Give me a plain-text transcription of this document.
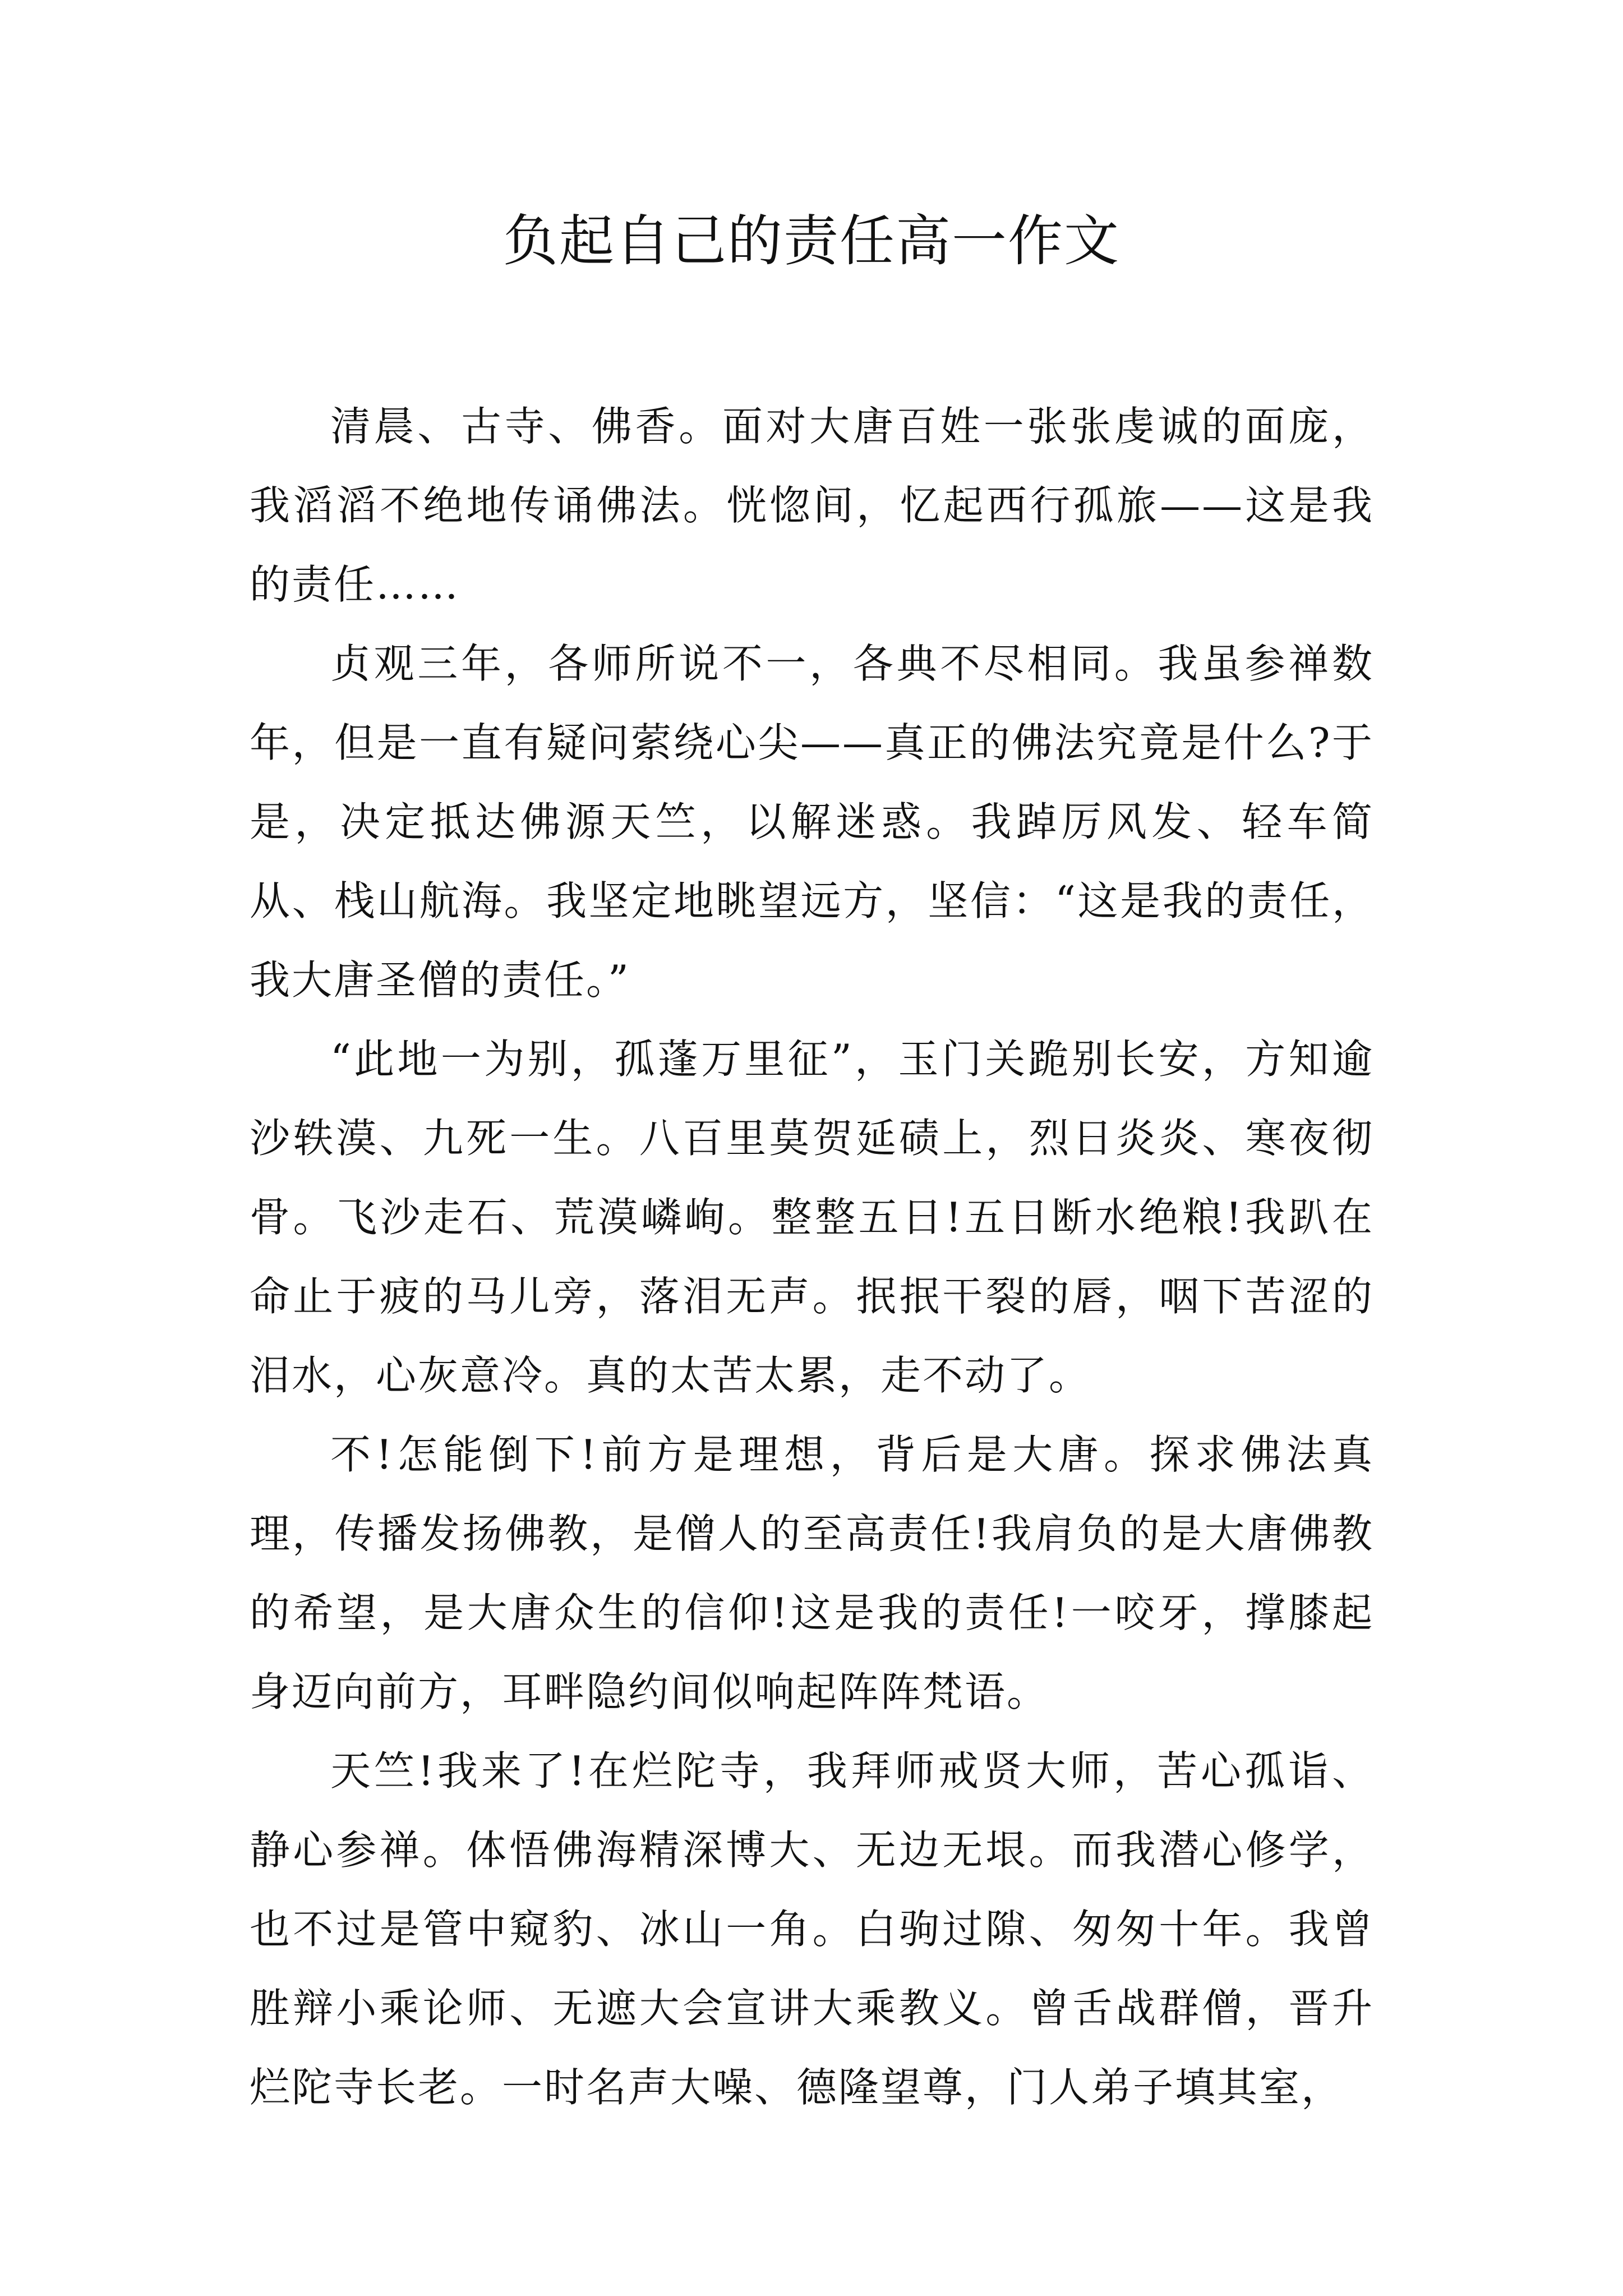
负起自己的责任高一作文

清晨、古寺、佛香。面对大唐百姓一张张虔诚的面庞，我滔滔不绝地传诵佛法。恍惚间，忆起西行孤旅——这是我的责任……

贞观三年，各师所说不一，各典不尽相同。我虽参禅数年，但是一直有疑问萦绕心尖——真正的佛法究竟是什么?于是，决定抵达佛源天竺，以解迷惑。我踔厉风发、轻车简从、栈山航海。我坚定地眺望远方，坚信：“这是我的责任，我大唐圣僧的责任。”

“此地一为别，孤蓬万里征”，玉门关跪别长安，方知逾沙轶漠、九死一生。八百里莫贺延碛上，烈日炎炎、寒夜彻骨。飞沙走石、荒漠嶙峋。整整五日!五日断水绝粮!我趴在命止于疲的马儿旁，落泪无声。抿抿干裂的唇，咽下苦涩的泪水，心灰意冷。真的太苦太累，走不动了。

不!怎能倒下!前方是理想，背后是大唐。探求佛法真理，传播发扬佛教，是僧人的至高责任!我肩负的是大唐佛教的希望，是大唐众生的信仰!这是我的责任!一咬牙，撑膝起身迈向前方，耳畔隐约间似响起阵阵梵语。

天竺!我来了!在烂陀寺，我拜师戒贤大师，苦心孤诣、静心参禅。体悟佛海精深博大、无边无垠。而我潜心修学，也不过是管中窥豹、冰山一角。白驹过隙、匆匆十年。我曾胜辩小乘论师、无遮大会宣讲大乘教义。曾舌战群僧，晋升烂陀寺长老。一时名声大噪、德隆望尊，门人弟子填其室，
